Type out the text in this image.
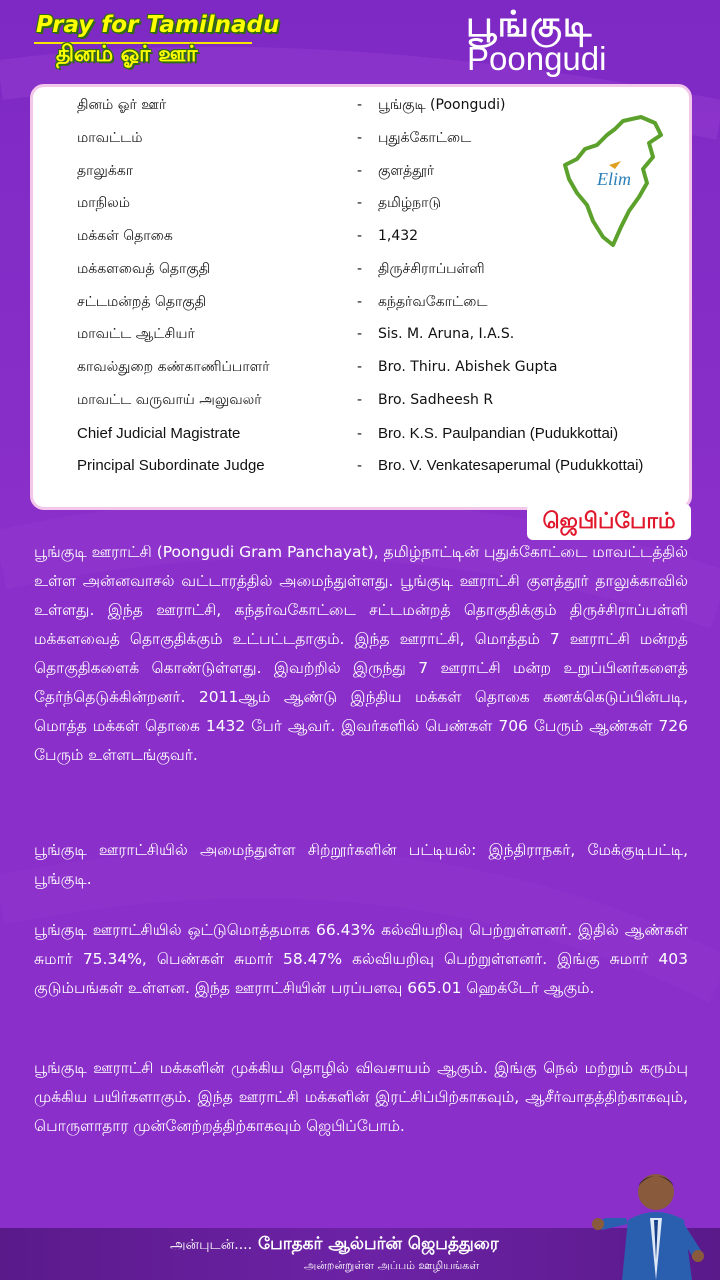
Pray for Tamilnadu
தினம் ஓர் ஊர்
பூங்குடி
Poongudi
தினம் ஓர் ஊர்	- பூங்குடி (Poongudi)
மாவட்டம்	- புதுக்கோட்டை
தாலுக்கா	- குளத்தூர்
மாநிலம்	- தமிழ்நாடு
மக்கள் தொகை	- 1,432
மக்களவைத் தொகுதி	- திருச்சிராப்பள்ளி
சட்டமன்றத் தொகுதி	- கந்தர்வகோட்டை
மாவட்ட ஆட்சியர்	- Sis. M. Aruna, I.A.S.
காவல்துறை கண்காணிப்பாளர்	- Bro. Thiru. Abishek Gupta
மாவட்ட வருவாய் அலுவலர்	- Bro. Sadheesh R
Chief Judicial Magistrate	- Bro. K.S. Paulpandian (Pudukkottai)
Principal Subordinate Judge	- Bro. V. Venkatesaperumal (Pudukkottai)
Elim
ஜெபிப்போம்
பூங்குடி ஊராட்சி (Poongudi Gram Panchayat), தமிழ்நாட்டின் புதுக்கோட்டை மாவட்டத்தில் உள்ள அன்னவாசல் வட்டாரத்தில் அமைந்துள்ளது. பூங்குடி ஊராட்சி குளத்தூர் தாலுக்காவில் உள்ளது. இந்த ஊராட்சி, கந்தர்வகோட்டை சட்டமன்றத் தொகுதிக்கும் திருச்சிராப்பள்ளி மக்களவைத் தொகுதிக்கும் உட்பட்டதாகும். இந்த ஊராட்சி, மொத்தம் 7 ஊராட்சி மன்றத் தொகுதிகளைக் கொண்டுள்ளது. இவற்றில் இருந்து 7 ஊராட்சி மன்ற உறுப்பினர்களைத் தேர்ந்தெடுக்கின்றனர். 2011ஆம் ஆண்டு இந்திய மக்கள் தொகை கணக்கெடுப்பின்படி, மொத்த மக்கள் தொகை 1432 பேர் ஆவர். இவர்களில் பெண்கள் 706 பேரும் ஆண்கள் 726 பேரும் உள்ளடங்குவர்.
பூங்குடி ஊராட்சியில் அமைந்துள்ள சிற்றூர்களின் பட்டியல்: இந்திராநகர், மேக்குடிபட்டி, பூங்குடி.
பூங்குடி ஊராட்சியில் ஒட்டுமொத்தமாக 66.43% கல்வியறிவு பெற்றுள்ளனர். இதில் ஆண்கள் சுமார் 75.34%, பெண்கள் சுமார் 58.47% கல்வியறிவு பெற்றுள்ளனர். இங்கு சுமார் 403 குடும்பங்கள் உள்ளன. இந்த ஊராட்சியின் பரப்பளவு 665.01 ஹெக்டேர் ஆகும்.
பூங்குடி ஊராட்சி மக்களின் முக்கிய தொழில் விவசாயம் ஆகும். இங்கு நெல் மற்றும் கரும்பு முக்கிய பயிர்களாகும். இந்த ஊராட்சி மக்களின் இரட்சிப்பிற்காகவும், ஆசீர்வாதத்திற்காகவும், பொருளாதார முன்னேற்றத்திற்காகவும் ஜெபிப்போம்.
அன்புடன்.... போதகர் ஆல்பர்ன் ஜெபத்துரை
அன்றன்றுள்ள அப்பம் ஊழியங்கள்
